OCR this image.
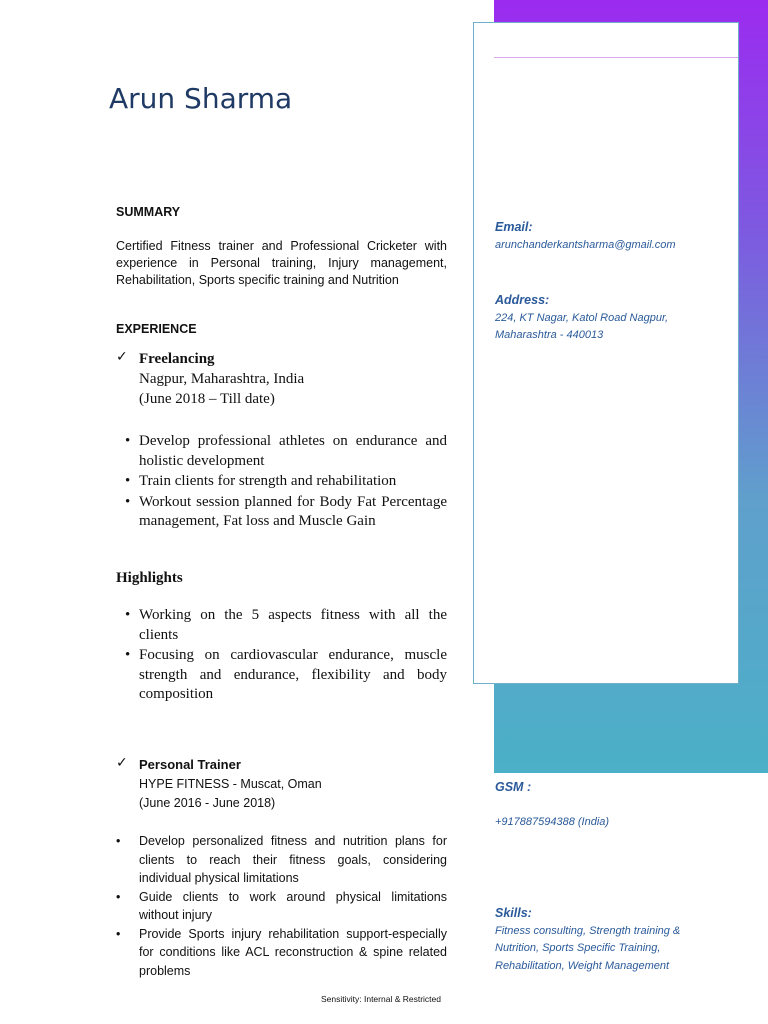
Email:
arunchanderkantsharma@gmail.com
Address:
224, KT Nagar, Katol Road Nagpur,
Maharashtra - 440013
GSM :
+917887594388 (India)
Skills:
Fitness consulting, Strength training &
Nutrition, Sports Specific Training,
Rehabilitation, Weight Management
Arun Sharma
SUMMARY
Certified Fitness trainer and Professional Cricketer with experience in Personal training, Injury management, Rehabilitation, Sports specific training and Nutrition
EXPERIENCE
✓ Freelancing
Nagpur, Maharashtra, India
(June 2018 – Till date)
• Develop professional athletes on endurance and holistic development
• Train clients for strength and rehabilitation
• Workout session planned for Body Fat Percentage management, Fat loss and Muscle Gain
Highlights
• Working on the 5 aspects fitness with all the clients
• Focusing on cardiovascular endurance, muscle strength and endurance, flexibility and body composition
✓ Personal Trainer
HYPE FITNESS - Muscat, Oman
(June 2016 - June 2018)
• Develop personalized fitness and nutrition plans for clients to reach their fitness goals, considering individual physical limitations
• Guide clients to work around physical limitations without injury
• Provide Sports injury rehabilitation support-especially for conditions like ACL reconstruction & spine related problems
Sensitivity: Internal & Restricted
